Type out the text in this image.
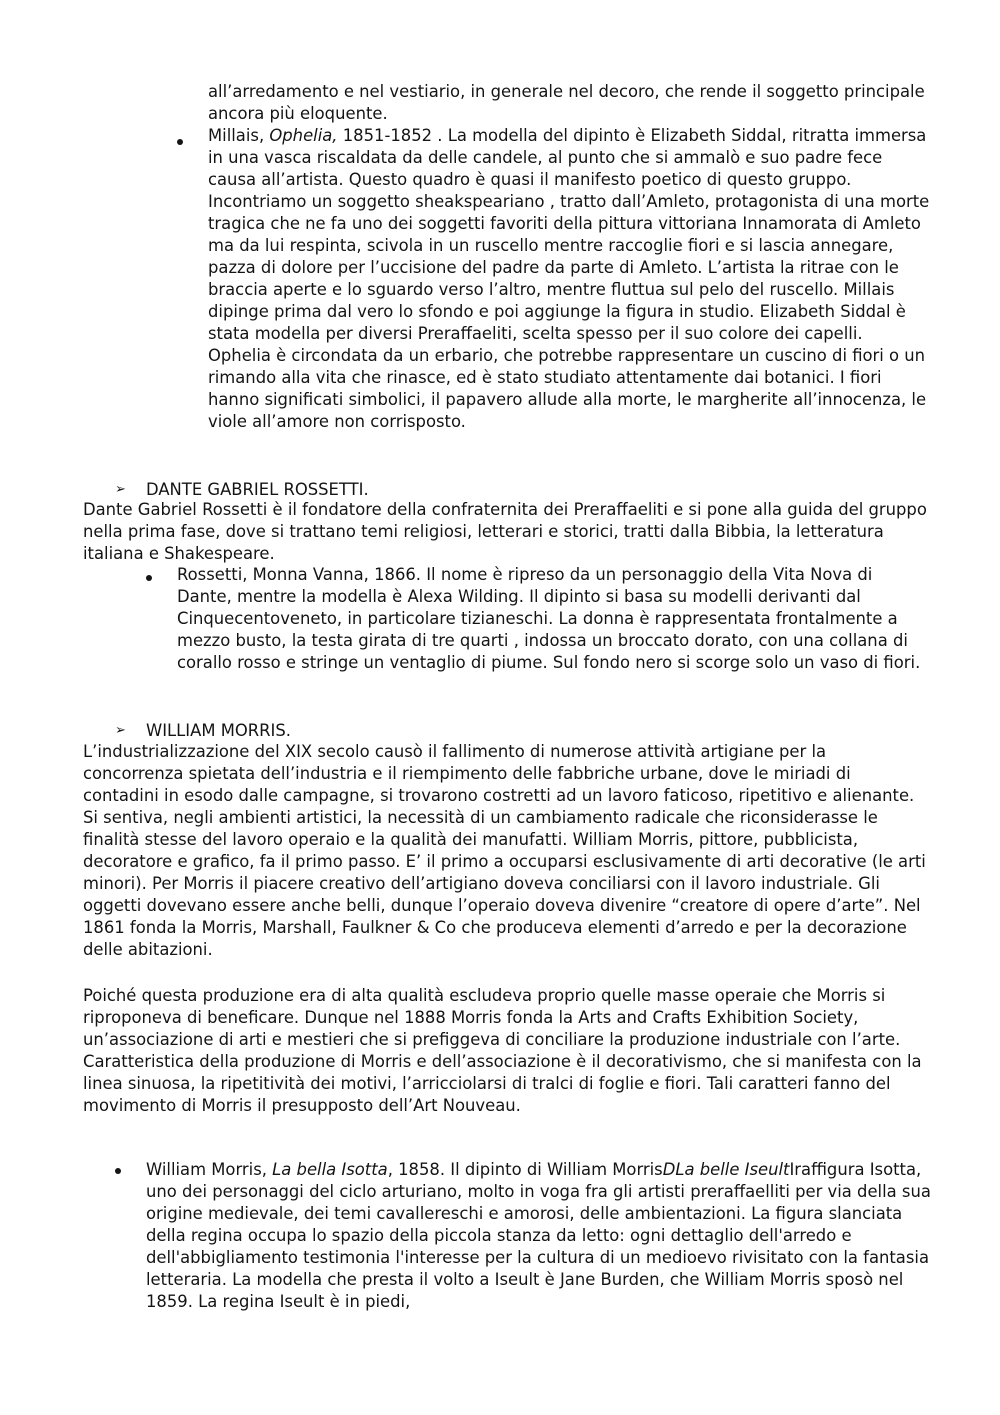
all’arredamento e nel vestiario, in generale nel decoro, che rende il soggetto principale ancora più eloquente.

Millais, Ophelia, 1851-1852 . La modella del dipinto è Elizabeth Siddal, ritratta immersa in una vasca riscaldata da delle candele, al punto che si ammalò e suo padre fece causa all’artista. Questo quadro è quasi il manifesto poetico di questo gruppo. Incontriamo un soggetto sheakspeariano , tratto dall’Amleto, protagonista di una morte tragica che ne fa uno dei soggetti favoriti della pittura vittoriana Innamorata di Amleto ma da lui respinta, scivola in un ruscello mentre raccoglie fiori e si lascia annegare, pazza di dolore per l’uccisione del padre da parte di Amleto. L’artista la ritrae con le braccia aperte e lo sguardo verso l’altro, mentre fluttua sul pelo del ruscello. Millais dipinge prima dal vero lo sfondo e poi aggiunge la figura in studio. Elizabeth Siddal è stata modella per diversi Preraffaeliti, scelta spesso per il suo colore dei capelli. Ophelia è circondata da un erbario, che potrebbe rappresentare un cuscino di fiori o un rimando alla vita che rinasce, ed è stato studiato attentamente dai botanici. I fiori hanno significati simbolici, il papavero allude alla morte, le margherite all’innocenza, le viole all’amore non corrisposto.

➢ DANTE GABRIEL ROSSETTI.

Dante Gabriel Rossetti è il fondatore della confraternita dei Preraffaeliti e si pone alla guida del gruppo nella prima fase, dove si trattano temi religiosi, letterari e storici, tratti dalla Bibbia, la letteratura italiana e Shakespeare.

Rossetti, Monna Vanna, 1866. Il nome è ripreso da un personaggio della Vita Nova di Dante, mentre la modella è Alexa Wilding. Il dipinto si basa su modelli derivanti dal Cinquecentoveneto, in particolare tizianeschi. La donna è rappresentata frontalmente a mezzo busto, la testa girata di tre quarti , indossa un broccato dorato, con una collana di corallo rosso e stringe un ventaglio di piume. Sul fondo nero si scorge solo un vaso di fiori.

➢ WILLIAM MORRIS.

L’industrializzazione del XIX secolo causò il fallimento di numerose attività artigiane per la concorrenza spietata dell’industria e il riempimento delle fabbriche urbane, dove le miriadi di contadini in esodo dalle campagne, si trovarono costretti ad un lavoro faticoso, ripetitivo e alienante. Si sentiva, negli ambienti artistici, la necessità di un cambiamento radicale che riconsiderasse le finalità stesse del lavoro operaio e la qualità dei manufatti. William Morris, pittore, pubblicista, decoratore e grafico, fa il primo passo. E’ il primo a occuparsi esclusivamente di arti decorative (le arti minori). Per Morris il piacere creativo dell’artigiano doveva conciliarsi con il lavoro industriale. Gli oggetti dovevano essere anche belli, dunque l’operaio doveva divenire “creatore di opere d’arte”. Nel 1861 fonda la Morris, Marshall, Faulkner & Co che produceva elementi d’arredo e per la decorazione delle abitazioni.

Poiché questa produzione era di alta qualità escludeva proprio quelle masse operaie che Morris si riproponeva di beneficare. Dunque nel 1888 Morris fonda la Arts and Crafts Exhibition Society, un’associazione di arti e mestieri che si prefiggeva di conciliare la produzione industriale con l’arte. Caratteristica della produzione di Morris e dell’associazione è il decorativismo, che si manifesta con la linea sinuosa, la ripetitività dei motivi, l’arricciolarsi di tralci di foglie e fiori. Tali caratteri fanno del movimento di Morris il presupposto dell’Art Nouveau.

William Morris, La bella Isotta, 1858. Il dipinto di William MorrisDLa belle IseultIraffigura Isotta, uno dei personaggi del ciclo arturiano, molto in voga fra gli artisti preraffaelliti per via della sua origine medievale, dei temi cavallereschi e amorosi, delle ambientazioni. La figura slanciata della regina occupa lo spazio della piccola stanza da letto: ogni dettaglio dell'arredo e dell'abbigliamento testimonia l'interesse per la cultura di un medioevo rivisitato con la fantasia letteraria. La modella che presta il volto a Iseult è Jane Burden, che William Morris sposò nel 1859. La regina Iseult è in piedi,
